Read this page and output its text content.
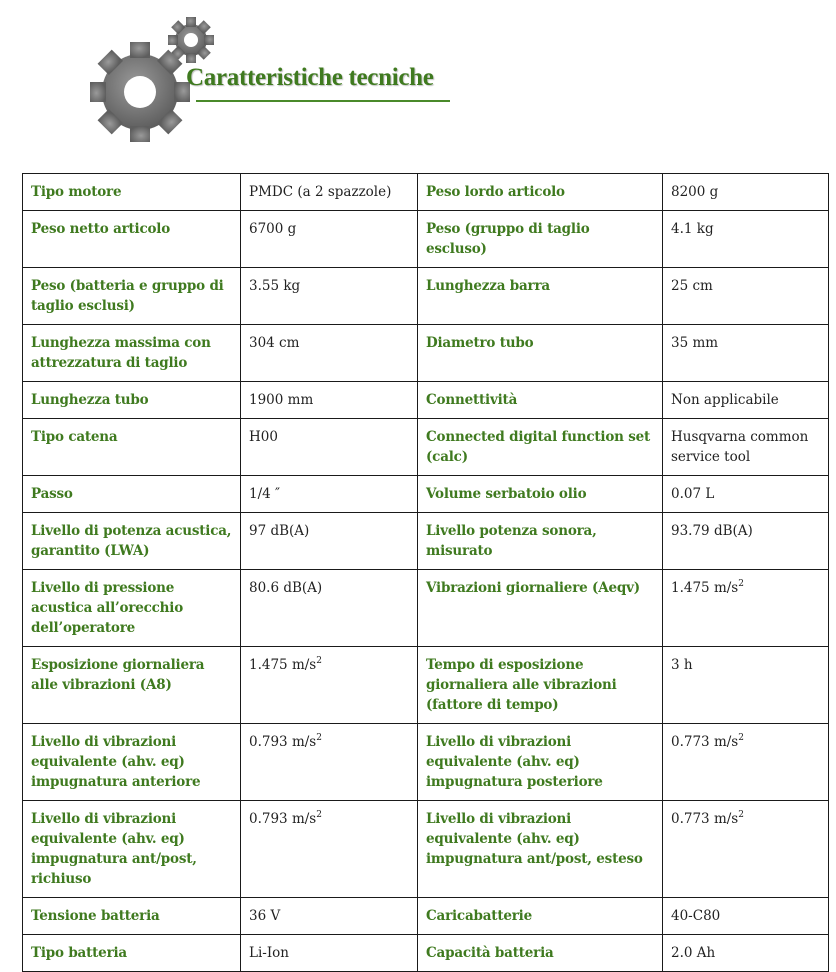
Caratteristiche tecniche
Tipo motore	PMDC (a 2 spazzole)	Peso lordo articolo	8200 g
Peso netto articolo	6700 g	Peso (gruppo di taglio escluso)	4.1 kg
Peso (batteria e gruppo di taglio esclusi)	3.55 kg	Lunghezza barra	25 cm
Lunghezza massima con attrezzatura di taglio	304 cm	Diametro tubo	35 mm
Lunghezza tubo	1900 mm	Connettività	Non applicabile
Tipo catena	H00	Connected digital function set (calc)	Husqvarna common service tool
Passo	1/4 ″	Volume serbatoio olio	0.07 L
Livello di potenza acustica, garantito (LWA)	97 dB(A)	Livello potenza sonora, misurato	93.79 dB(A)
Livello di pressione acustica all’orecchio dell’operatore	80.6 dB(A)	Vibrazioni giornaliere (Aeqv)	1.475 $m/s^2$
Esposizione giornaliera alle vibrazioni (A8)	1.475 $m/s^2$	Tempo di esposizione giornaliera alle vibrazioni (fattore di tempo)	3 h
Livello di vibrazioni equivalente (ahv. eq) impugnatura anteriore	0.793 $m/s^2$	Livello di vibrazioni equivalente (ahv. eq) impugnatura posteriore	0.773 $m/s^2$
Livello di vibrazioni equivalente (ahv. eq) impugnatura ant/post, richiuso	0.793 $m/s^2$	Livello di vibrazioni equivalente (ahv. eq) impugnatura ant/post, esteso	0.773 $m/s^2$
Tensione batteria	36 V	Caricabatterie	40-C80
Tipo batteria	Li-Ion	Capacità batteria	2.0 Ah
